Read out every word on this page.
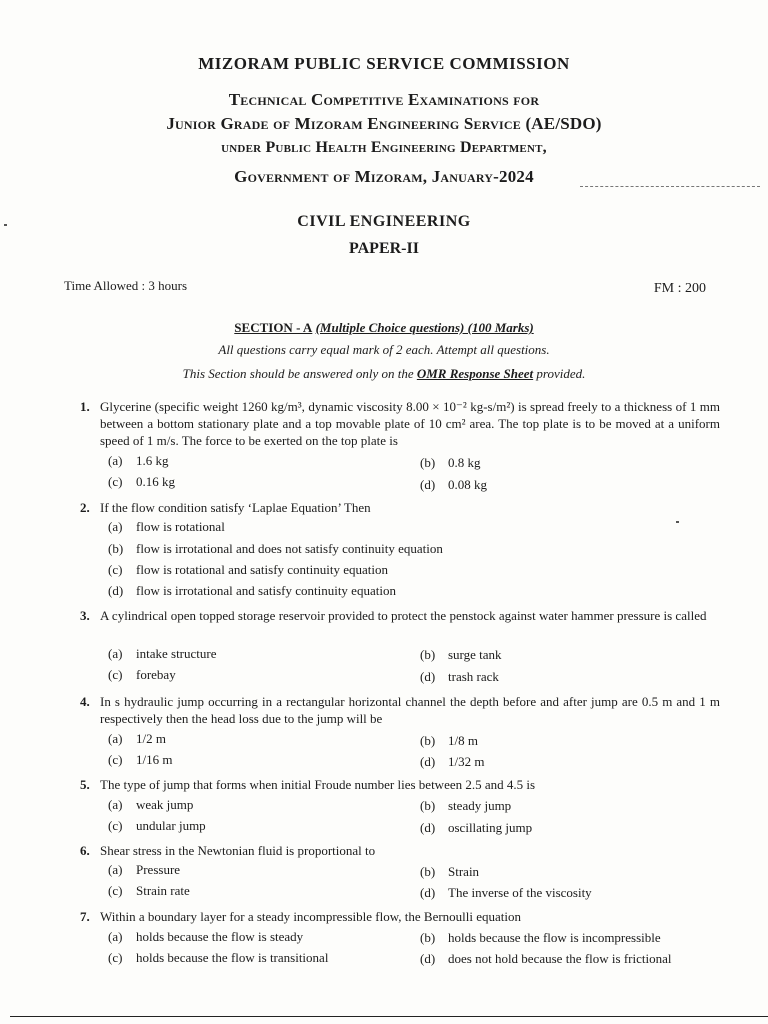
MIZORAM PUBLIC SERVICE COMMISSION
Technical Competitive Examinations for
Junior Grade of Mizoram Engineering Service (AE/SDO)
under Public Health Engineering Department,
Government of Mizoram, January-2024
CIVIL ENGINEERING
PAPER-II
Time Allowed : 3 hours	FM : 200
SECTION - A (Multiple Choice questions) (100 Marks)
All questions carry equal mark of 2 each. Attempt all questions.
This Section should be answered only on the OMR Response Sheet provided.
1. Glycerine (specific weight 1260 kg/m³, dynamic viscosity 8.00 × 10⁻² kg-s/m²) is spread freely to a thickness of 1 mm between a bottom stationary plate and a top movable plate of 10 cm² area. The top plate is to be moved at a uniform speed of 1 m/s. The force to be exerted on the top plate is
(a) 1.6 kg	(b) 0.8 kg
(c) 0.16 kg	(d) 0.08 kg
2. If the flow condition satisfy ‘Laplae Equation’ Then
(a) flow is rotational
(b) flow is irrotational and does not satisfy continuity equation
(c) flow is rotational and satisfy continuity equation
(d) flow is irrotational and satisfy continuity equation
3. A cylindrical open topped storage reservoir provided to protect the penstock against water hammer pressure is called
(a) intake structure	(b) surge tank
(c) forebay	(d) trash rack
4. In s hydraulic jump occurring in a rectangular horizontal channel the depth before and after jump are 0.5 m and 1 m respectively then the head loss due to the jump will be
(a) 1/2 m	(b) 1/8 m
(c) 1/16 m	(d) 1/32 m
5. The type of jump that forms when initial Froude number lies between 2.5 and 4.5 is
(a) weak jump	(b) steady jump
(c) undular jump	(d) oscillating jump
6. Shear stress in the Newtonian fluid is proportional to
(a) Pressure	(b) Strain
(c) Strain rate	(d) The inverse of the viscosity
7. Within a boundary layer for a steady incompressible flow, the Bernoulli equation
(a) holds because the flow is steady	(b) holds because the flow is incompressible
(c) holds because the flow is transitional	(d) does not hold because the flow is frictional
